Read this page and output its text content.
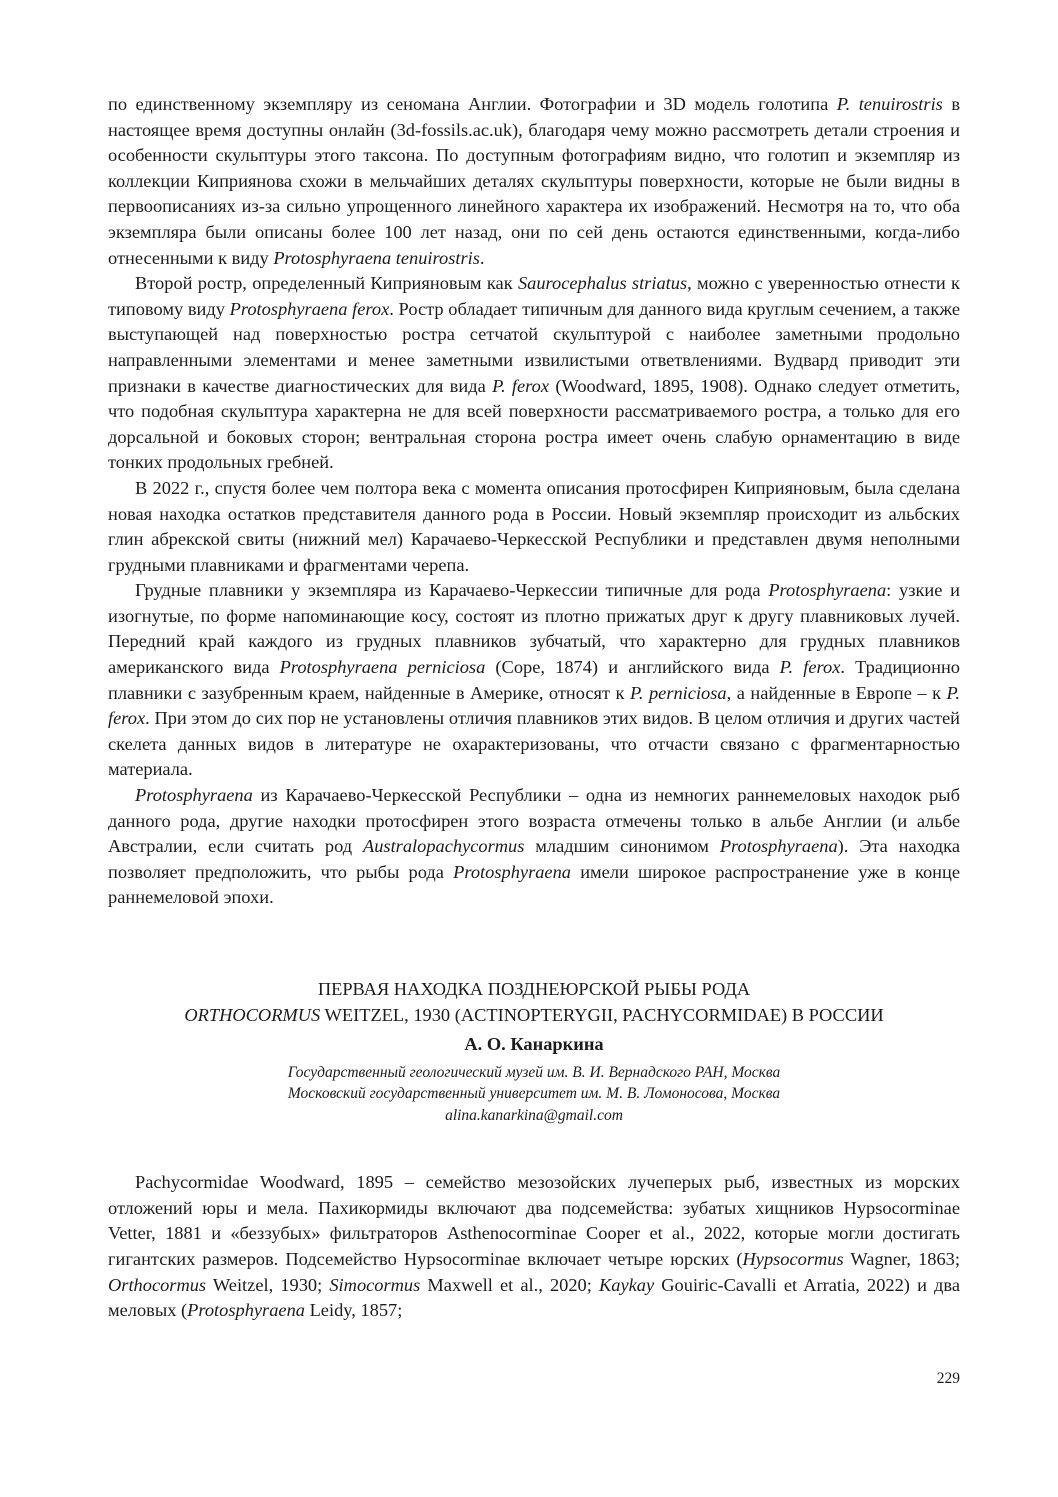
по единственному экземпляру из сеномана Англии. Фотографии и 3D модель голотипа P. tenuirostris в настоящее время доступны онлайн (3d-fossils.ac.uk), благодаря чему можно рассмотреть детали строения и особенности скульптуры этого таксона. По доступным фотографиям видно, что голотип и экземпляр из коллекции Киприянова схожи в мельчайших деталях скульптуры поверхности, которые не были видны в первоописаниях из-за сильно упрощенного линейного характера их изображений. Несмотря на то, что оба экземпляра были описаны более 100 лет назад, они по сей день остаются единственными, когда-либо отнесенными к виду Protosphyraena tenuirostris.

Второй ростр, определенный Киприяновым как Saurocephalus striatus, можно с уверенностью отнести к типовому виду Protosphyraena ferox. Ростр обладает типичным для данного вида круглым сечением, а также выступающей над поверхностью ростра сетчатой скульптурой с наиболее заметными продольно направленными элементами и менее заметными извилистыми ответвлениями. Вудвард приводит эти признаки в качестве диагностических для вида P. ferox (Woodward, 1895, 1908). Однако следует отметить, что подобная скульптура характерна не для всей поверхности рассматриваемого ростра, а только для его дорсальной и боковых сторон; вентральная сторона ростра имеет очень слабую орнаментацию в виде тонких продольных гребней.

В 2022 г., спустя более чем полтора века с момента описания протосфирен Киприяновым, была сделана новая находка остатков представителя данного рода в России. Новый экземпляр происходит из альбских глин абрекской свиты (нижний мел) Карачаево-Черкесской Республики и представлен двумя неполными грудными плавниками и фрагментами черепа.

Грудные плавники у экземпляра из Карачаево-Черкессии типичные для рода Protosphyraena: узкие и изогнутые, по форме напоминающие косу, состоят из плотно прижатых друг к другу плавниковых лучей. Передний край каждого из грудных плавников зубчатый, что характерно для грудных плавников американского вида Protosphyraena perniciosa (Cope, 1874) и английского вида P. ferox. Традиционно плавники с зазубренным краем, найденные в Америке, относят к P. perniciosa, а найденные в Европе – к P. ferox. При этом до сих пор не установлены отличия плавников этих видов. В целом отличия и других частей скелета данных видов в литературе не охарактеризованы, что отчасти связано с фрагментарностью материала.

Protosphyraena из Карачаево-Черкесской Республики – одна из немногих раннемеловых находок рыб данного рода, другие находки протосфирен этого возраста отмечены только в альбе Англии (и альбе Австралии, если считать род Australopachycormus младшим синонимом Protosphyraena). Эта находка позволяет предположить, что рыбы рода Protosphyraena имели широкое распространение уже в конце раннемеловой эпохи.

ПЕРВАЯ НАХОДКА ПОЗДНЕЮРСКОЙ РЫБЫ РОДА
ORTHOCORMUS WEITZEL, 1930 (ACTINOPTERYGII, PACHYCORMIDAE) В РОССИИ
А. О. Канаркина
Государственный геологический музей им. В. И. Вернадского РАН, Москва
Московский государственный университет им. М. В. Ломоносова, Москва
alina.kanarkina@gmail.com

Pachycormidae Woodward, 1895 – семейство мезозойских лучеперых рыб, известных из морских отложений юры и мела. Пахикормиды включают два подсемейства: зубатых хищников Hypsocorminae Vetter, 1881 и «беззубых» фильтраторов Asthenocorminae Cooper et al., 2022, которые могли достигать гигантских размеров. Подсемейство Hypsocorminae включает четыре юрских (Hypsocormus Wagner, 1863; Orthocormus Weitzel, 1930; Simocormus Maxwell et al., 2020; Kaykay Gouiric-Cavalli et Arratia, 2022) и два меловых (Protosphyraena Leidy, 1857;

229
